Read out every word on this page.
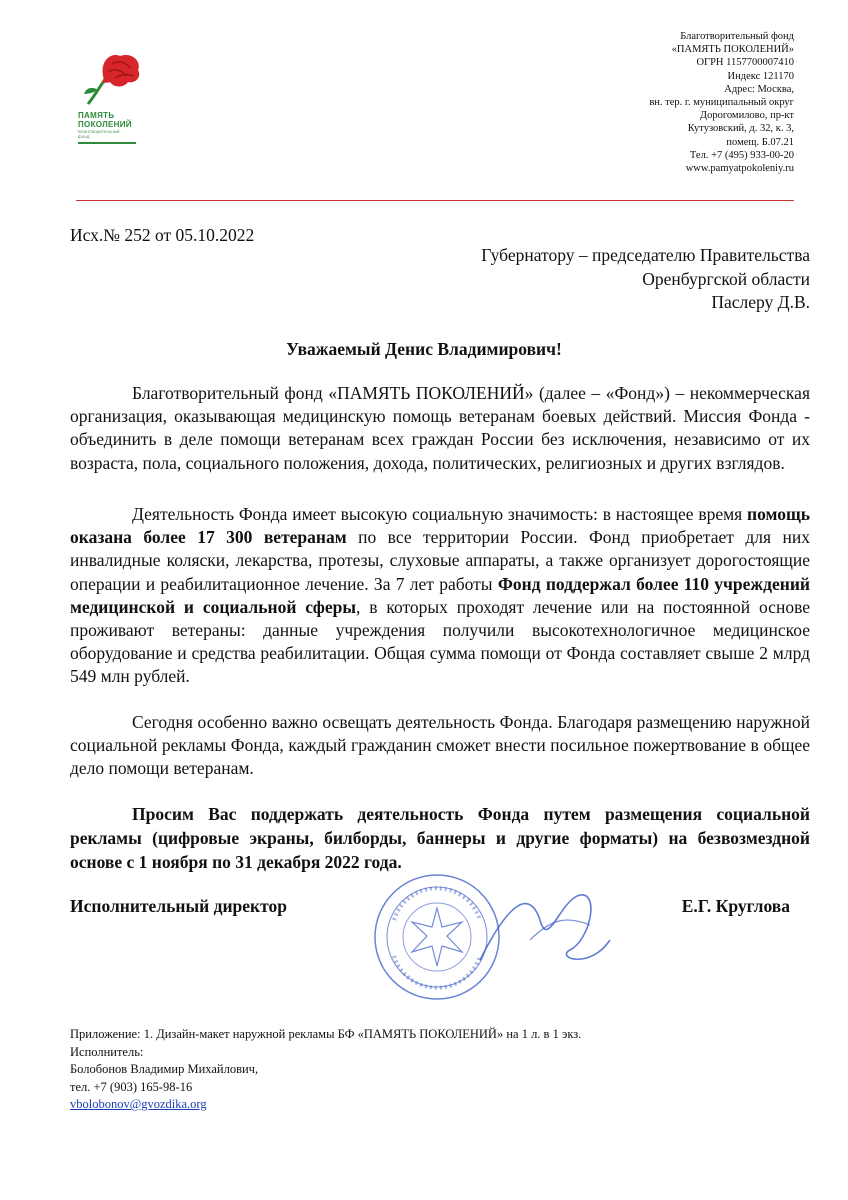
ПАМЯТЬ
ПОКОЛЕНИЙ
Благотворительный
фонд
Благотворительный фонд
«ПАМЯТЬ ПОКОЛЕНИЙ»
ОГРН 1157700007410
Индекс 121170
Адрес: Москва,
вн. тер. г. муниципальный округ
Дорогомилово, пр-кт
Кутузовский, д. 32, к. 3,
помещ. Б.07.21
Тел. +7 (495) 933-00-20
www.pamyatpokoleniy.ru
Исх.№ 252 от 05.10.2022
Губернатору – председателю Правительства
Оренбургской области
Паслеру Д.В.
Уважаемый Денис Владимирович!

Благотворительный фонд «ПАМЯТЬ ПОКОЛЕНИЙ» (далее – «Фонд») – некоммерческая организация, оказывающая медицинскую помощь ветеранам боевых действий. Миссия Фонда - объединить в деле помощи ветеранам всех граждан России без исключения, независимо от их возраста, пола, социального положения, дохода, политических, религиозных и других взглядов.

Деятельность Фонда имеет высокую социальную значимость: в настоящее время помощь оказана более 17 300 ветеранам по все территории России. Фонд приобретает для них инвалидные коляски, лекарства, протезы, слуховые аппараты, а также организует дорогостоящие операции и реабилитационное лечение. За 7 лет работы Фонд поддержал более 110 учреждений медицинской и социальной сферы, в которых проходят лечение или на постоянной основе проживают ветераны: данные учреждения получили высокотехнологичное медицинское оборудование и средства реабилитации. Общая сумма помощи от Фонда составляет свыше 2 млрд 549 млн рублей.

Сегодня особенно важно освещать деятельность Фонда. Благодаря размещению наружной социальной рекламы Фонда, каждый гражданин сможет внести посильное пожертвование в общее дело помощи ветеранам.

Просим Вас поддержать деятельность Фонда путем размещения социальной рекламы (цифровые экраны, билборды, баннеры и другие форматы) на безвозмездной основе с 1 ноября по 31 декабря 2022 года.
Исполнительный директор	Е.Г. Круглова
Приложение: 1. Дизайн-макет наружной рекламы БФ «ПАМЯТЬ ПОКОЛЕНИЙ» на 1 л. в 1 экз.
Исполнитель:
Болобонов Владимир Михайлович,
тел. +7 (903) 165-98-16
vbolobonov@gvozdika.org
